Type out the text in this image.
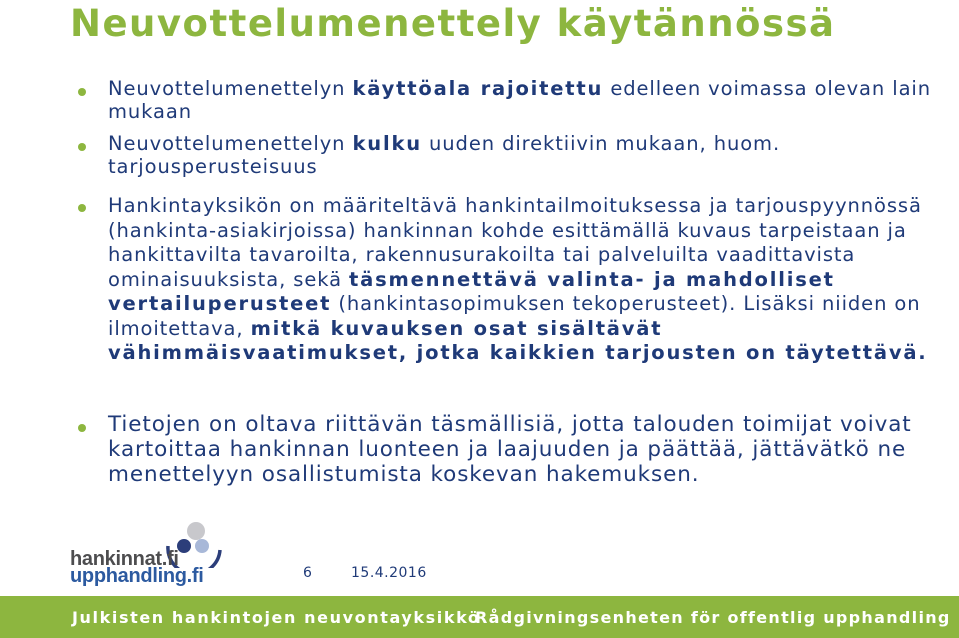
Neuvottelumenettely käytännössä

Neuvottelumenettelyn käyttöala rajoitettu edelleen voimassa olevan lain mukaan

Neuvottelumenettelyn kulku uuden direktiivin mukaan, huom. tarjousperusteisuus

Hankintayksikön on määriteltävä hankintailmoituksessa ja tarjouspyynnössä (hankinta-asiakirjoissa) hankinnan kohde esittämällä kuvaus tarpeistaan ja hankittavilta tavaroilta, rakennusurakoilta tai palveluilta vaadittavista ominaisuuksista, sekä täsmennettävä valinta- ja mahdolliset vertailuperusteet (hankintasopimuksen tekoperusteet). Lisäksi niiden on ilmoitettava, mitkä kuvauksen osat sisältävät vähimmäisvaatimukset, jotka kaikkien tarjousten on täytettävä.

Tietojen on oltava riittävän täsmällisiä, jotta talouden toimijat voivat kartoittaa hankinnan luonteen ja laajuuden ja päättää, jättävätkö ne menettelyyn osallistumista koskevan hakemuksen.

hankinnat.fi
upphandling.fi	6	15.4.2016
Julkisten hankintojen neuvontayksikkö
Rådgivningsenheten för offentlig upphandling
